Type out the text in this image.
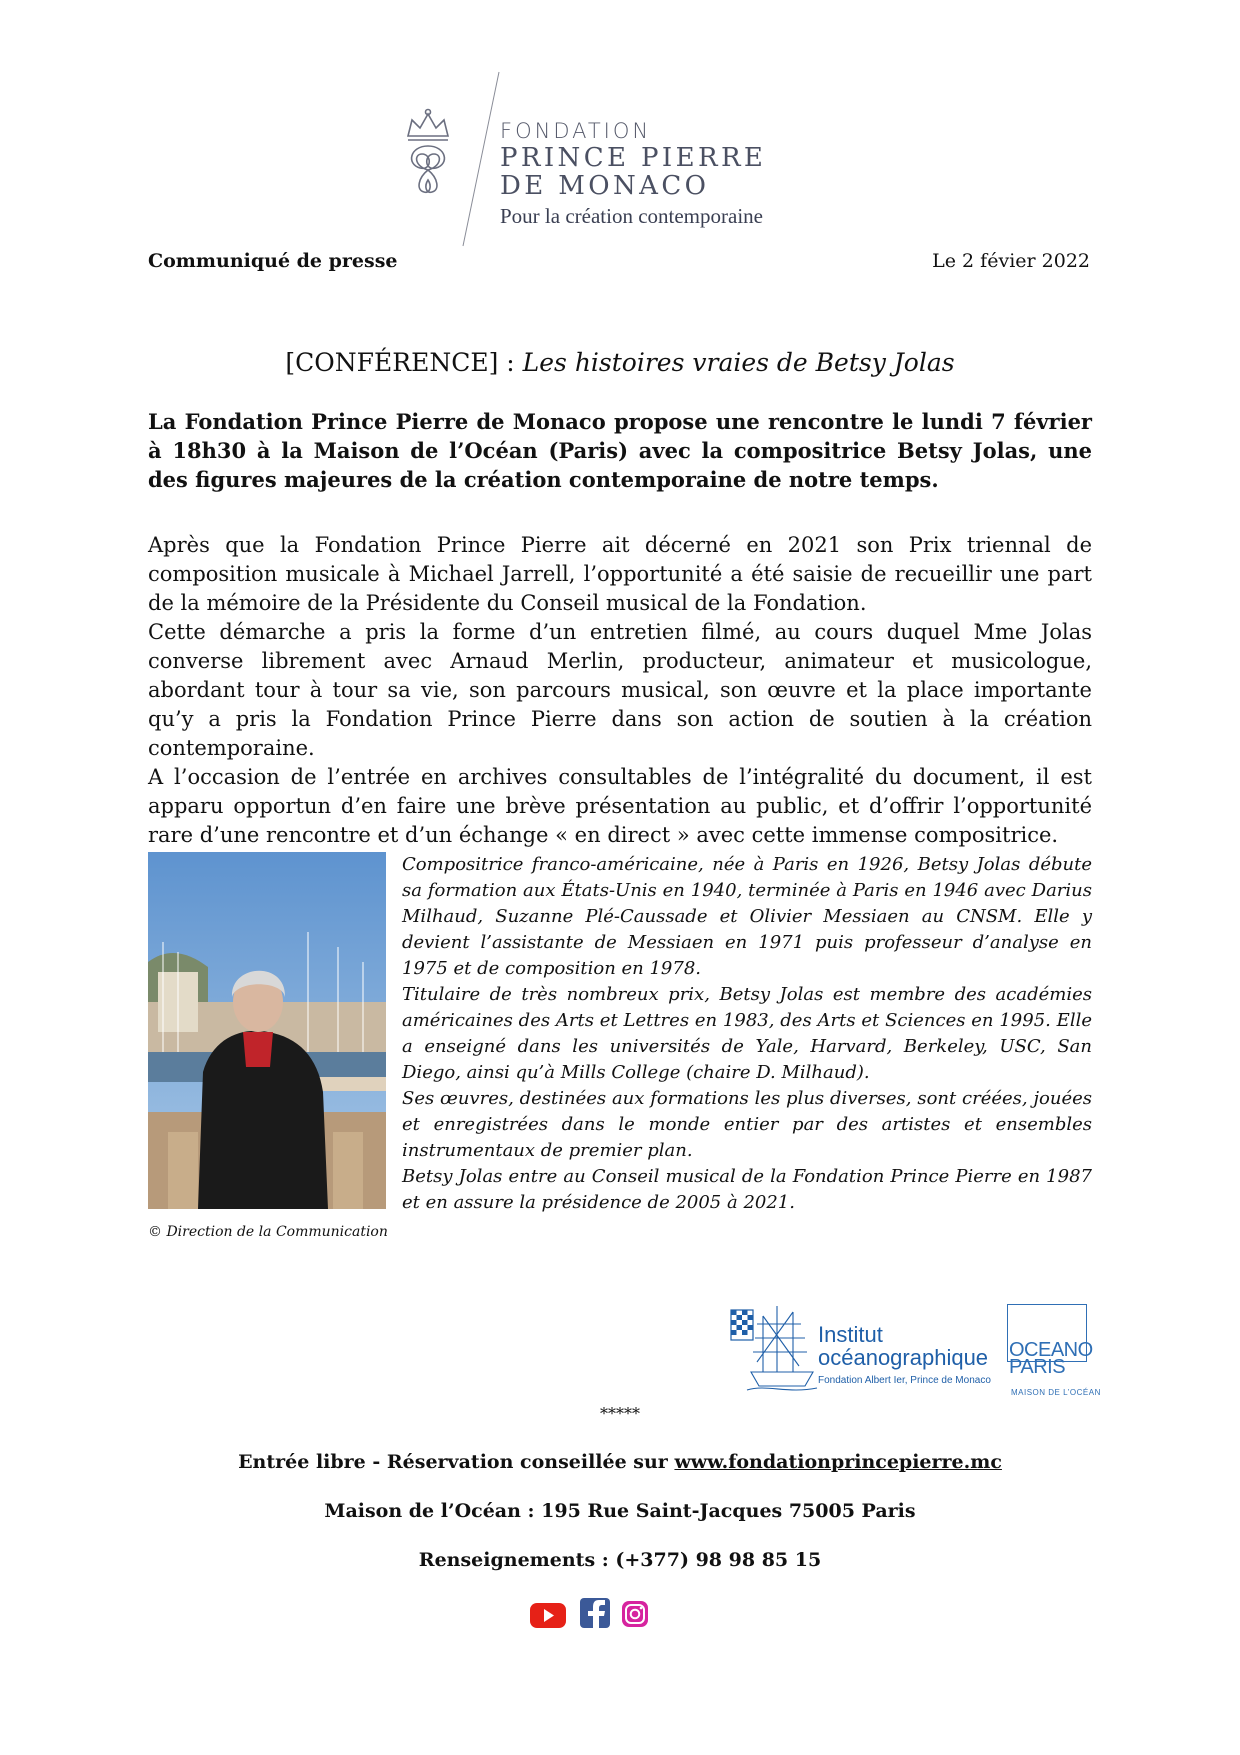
FONDATION
PRINCE PIERRE
DE MONACO
Pour la création contemporaine
Communiqué de presse	Le 2 févier 2022
[CONFÉRENCE] : Les histoires vraies de Betsy Jolas
La Fondation Prince Pierre de Monaco propose une rencontre le lundi 7 février à 18h30 à la Maison de l’Océan (Paris) avec la compositrice Betsy Jolas, une des figures majeures de la création contemporaine de notre temps.

Après que la Fondation Prince Pierre ait décerné en 2021 son Prix triennal de composition musicale à Michael Jarrell, l’opportunité a été saisie de recueillir une part de la mémoire de la Présidente du Conseil musical de la Fondation.

Cette démarche a pris la forme d’un entretien filmé, au cours duquel Mme Jolas converse librement avec Arnaud Merlin, producteur, animateur et musicologue, abordant tour à tour sa vie, son parcours musical, son œuvre et la place importante qu’y a pris la Fondation Prince Pierre dans son action de soutien à la création contemporaine.

A l’occasion de l’entrée en archives consultables de l’intégralité du document, il est apparu opportun d’en faire une brève présentation au public, et d’offrir l’opportunité rare d’une rencontre et d’un échange « en direct » avec cette immense compositrice.

© Direction de la Communication

Compositrice franco-américaine, née à Paris en 1926, Betsy Jolas débute sa formation aux États-Unis en 1940, terminée à Paris en 1946 avec Darius Milhaud, Suzanne Plé-Caussade et Olivier Messiaen au CNSM. Elle y devient l’assistante de Messiaen en 1971 puis professeur d’analyse en 1975 et de composition en 1978.

Titulaire de très nombreux prix, Betsy Jolas est membre des académies américaines des Arts et Lettres en 1983, des Arts et Sciences en 1995. Elle a enseigné dans les universités de Yale, Harvard, Berkeley, USC, San Diego, ainsi qu’à Mills College (chaire D. Milhaud).

Ses œuvres, destinées aux formations les plus diverses, sont créées, jouées et enregistrées dans le monde entier par des artistes et ensembles instrumentaux de premier plan.

Betsy Jolas entre au Conseil musical de la Fondation Prince Pierre en 1987 et en assure la présidence de 2005 à 2021.

Institut
océanographique
Fondation Albert Ier, Prince de Monaco
OCEANO
PARIS
MAISON DE L’OCÉAN
*****
Entrée libre - Réservation conseillée sur www.fondationprincepierre.mc
Maison de l’Océan : 195 Rue Saint-Jacques 75005 Paris
Renseignements : (+377) 98 98 85 15
